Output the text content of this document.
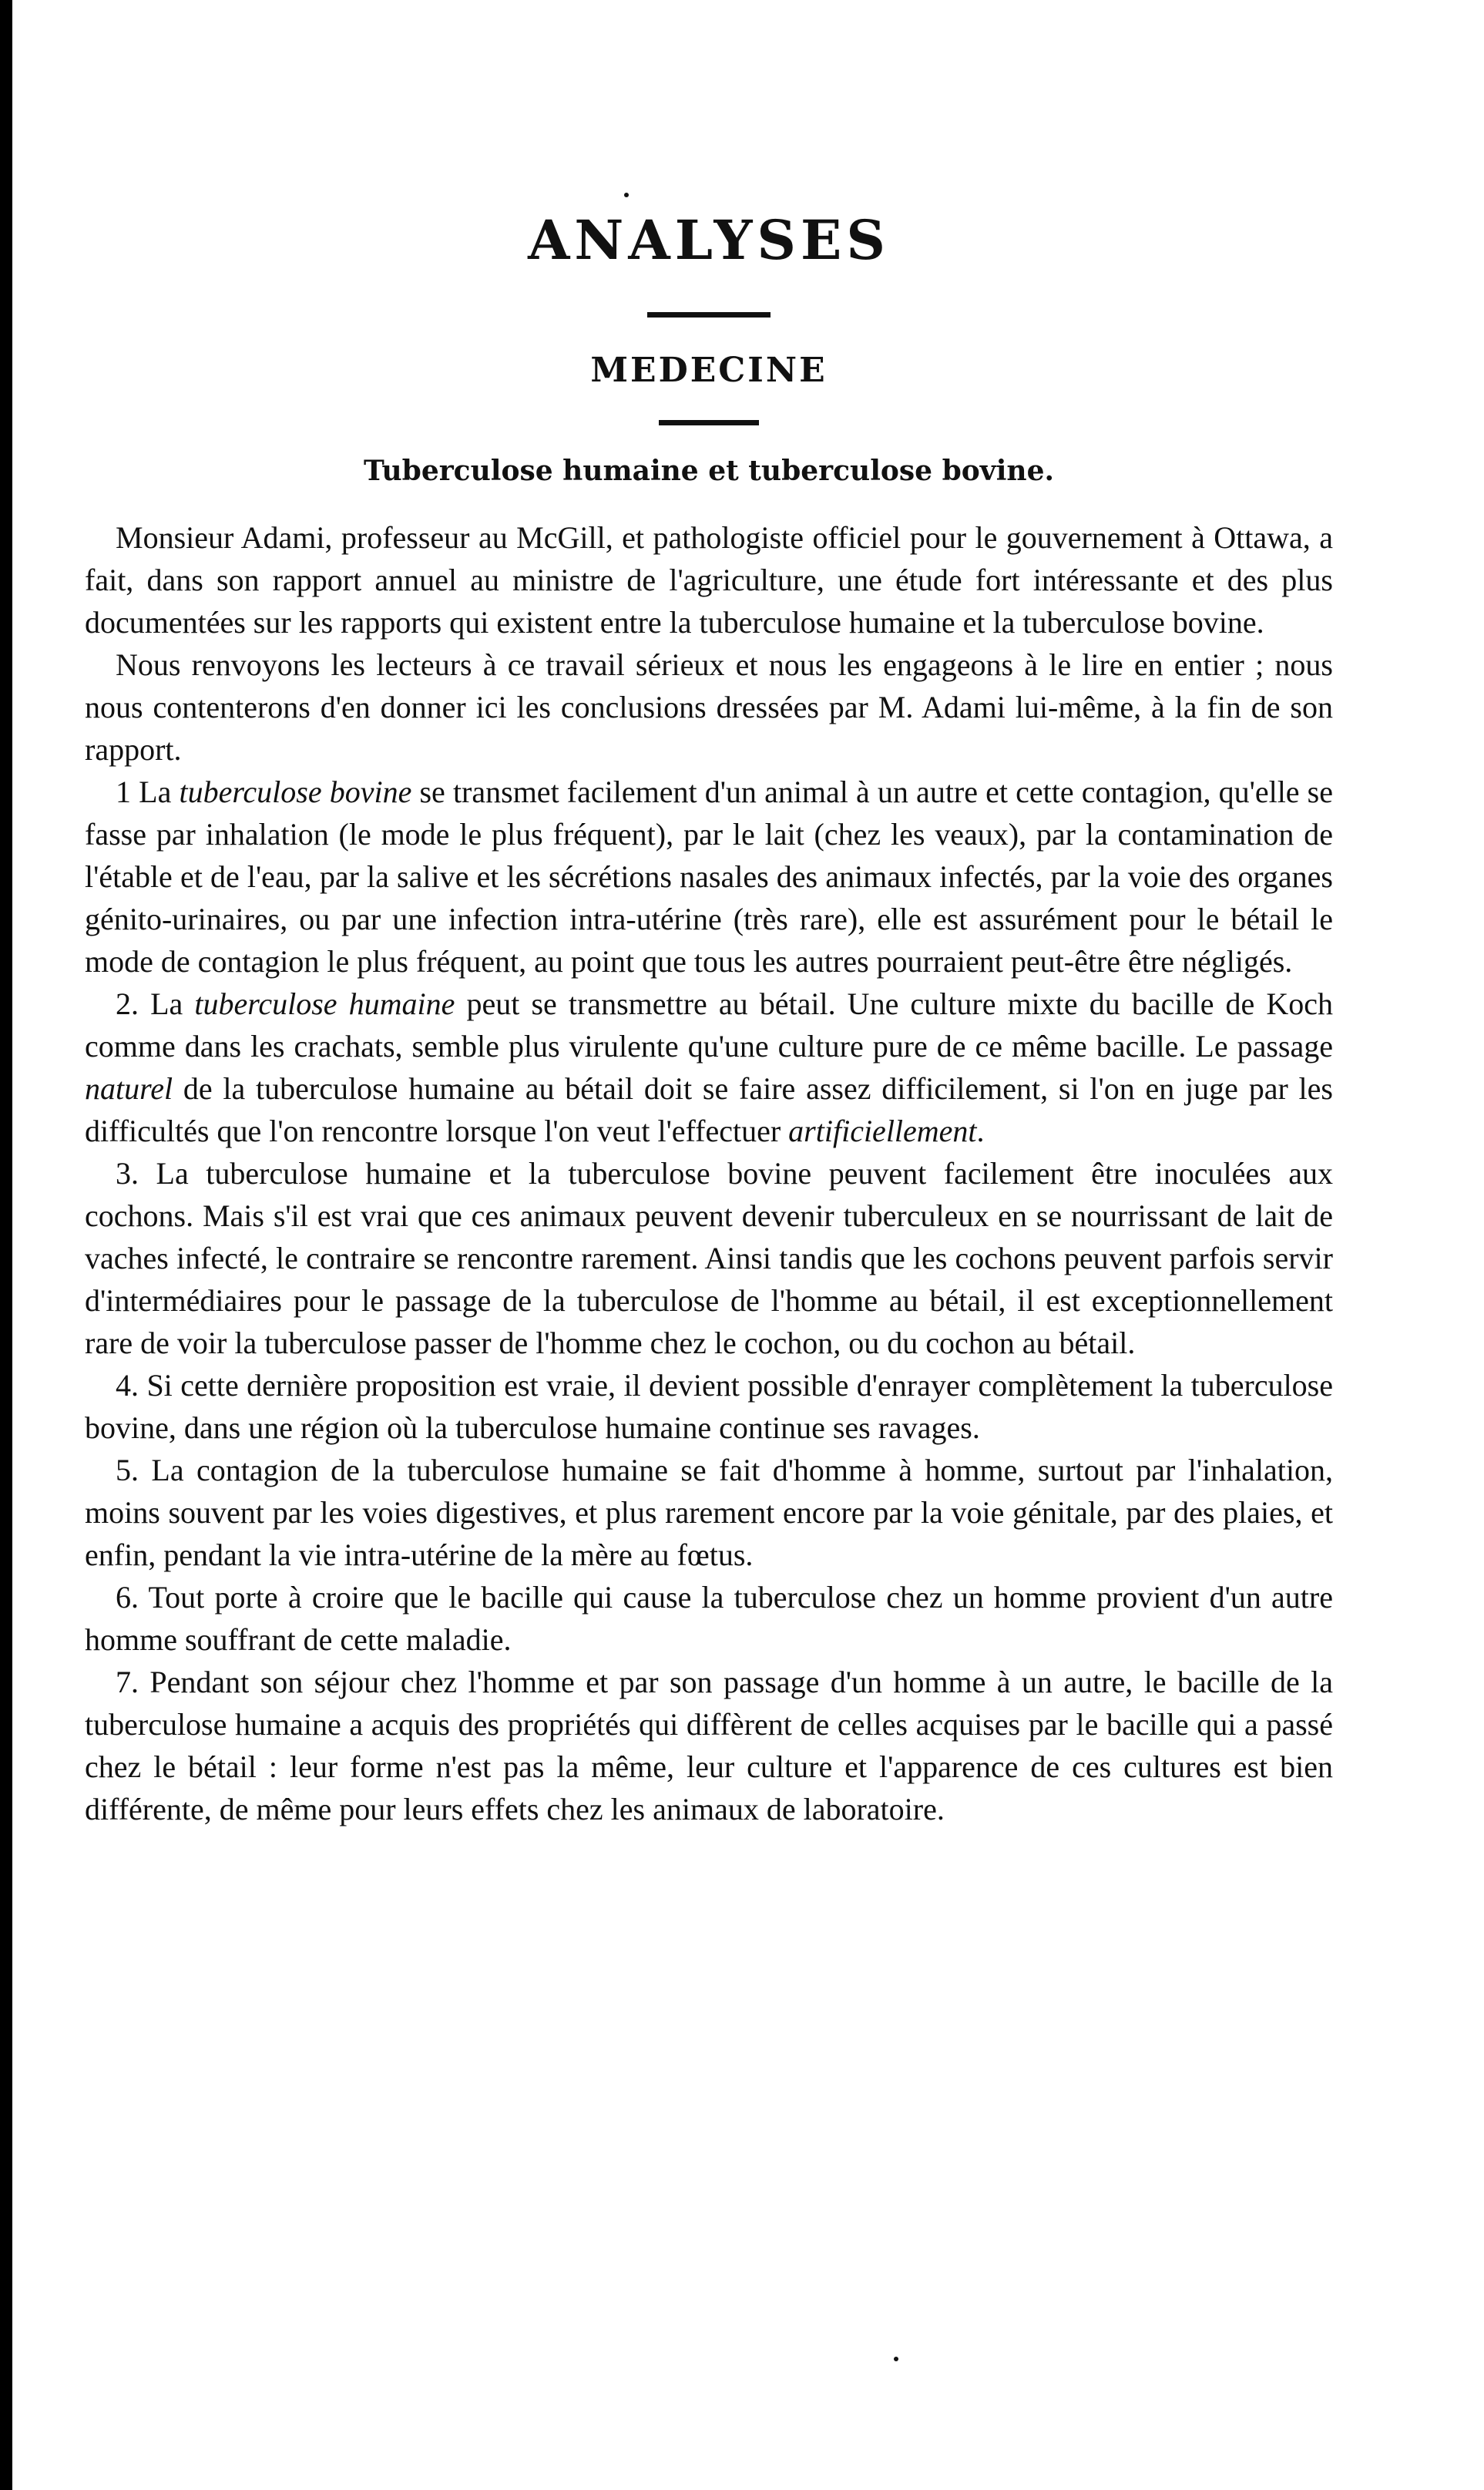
ANALYSES
MEDECINE
Tuberculose humaine et tuberculose bovine.

Monsieur Adami, professeur au McGill, et pathologiste officiel pour le gouvernement à Ottawa, a fait, dans son rapport annuel au ministre de l'agriculture, une étude fort intéressante et des plus documentées sur les rapports qui existent entre la tuberculose humaine et la tuberculose bovine.

Nous renvoyons les lecteurs à ce travail sérieux et nous les engageons à le lire en entier ; nous nous contenterons d'en donner ici les conclusions dressées par M. Adami lui-même, à la fin de son rapport.

1 La tuberculose bovine se transmet facilement d'un animal à un autre et cette contagion, qu'elle se fasse par inhalation (le mode le plus fréquent), par le lait (chez les veaux), par la contamination de l'étable et de l'eau, par la salive et les sécrétions nasales des animaux infectés, par la voie des organes génito-urinaires, ou par une infection intra-utérine (très rare), elle est assurément pour le bétail le mode de contagion le plus fréquent, au point que tous les autres pourraient peut-être être négligés.

2. La tuberculose humaine peut se transmettre au bétail. Une culture mixte du bacille de Koch comme dans les crachats, semble plus virulente qu'une culture pure de ce même bacille. Le passage naturel de la tuberculose humaine au bétail doit se faire assez difficilement, si l'on en juge par les difficultés que l'on rencontre lorsque l'on veut l'effectuer artificiellement.

3. La tuberculose humaine et la tuberculose bovine peuvent facilement être inoculées aux cochons. Mais s'il est vrai que ces animaux peuvent devenir tuberculeux en se nourrissant de lait de vaches infecté, le contraire se rencontre rarement. Ainsi tandis que les cochons peuvent parfois servir d'intermédiaires pour le passage de la tuberculose de l'homme au bétail, il est exceptionnellement rare de voir la tuberculose passer de l'homme chez le cochon, ou du cochon au bétail.

4. Si cette dernière proposition est vraie, il devient possible d'enrayer complètement la tuberculose bovine, dans une région où la tuberculose humaine continue ses ravages.

5. La contagion de la tuberculose humaine se fait d'homme à homme, surtout par l'inhalation, moins souvent par les voies digestives, et plus rarement encore par la voie génitale, par des plaies, et enfin, pendant la vie intra-utérine de la mère au fœtus.

6. Tout porte à croire que le bacille qui cause la tuberculose chez un homme provient d'un autre homme souffrant de cette maladie.

7. Pendant son séjour chez l'homme et par son passage d'un homme à un autre, le bacille de la tuberculose humaine a acquis des propriétés qui diffèrent de celles acquises par le bacille qui a passé chez le bétail : leur forme n'est pas la même, leur culture et l'apparence de ces cultures est bien différente, de même pour leurs effets chez les animaux de laboratoire.
